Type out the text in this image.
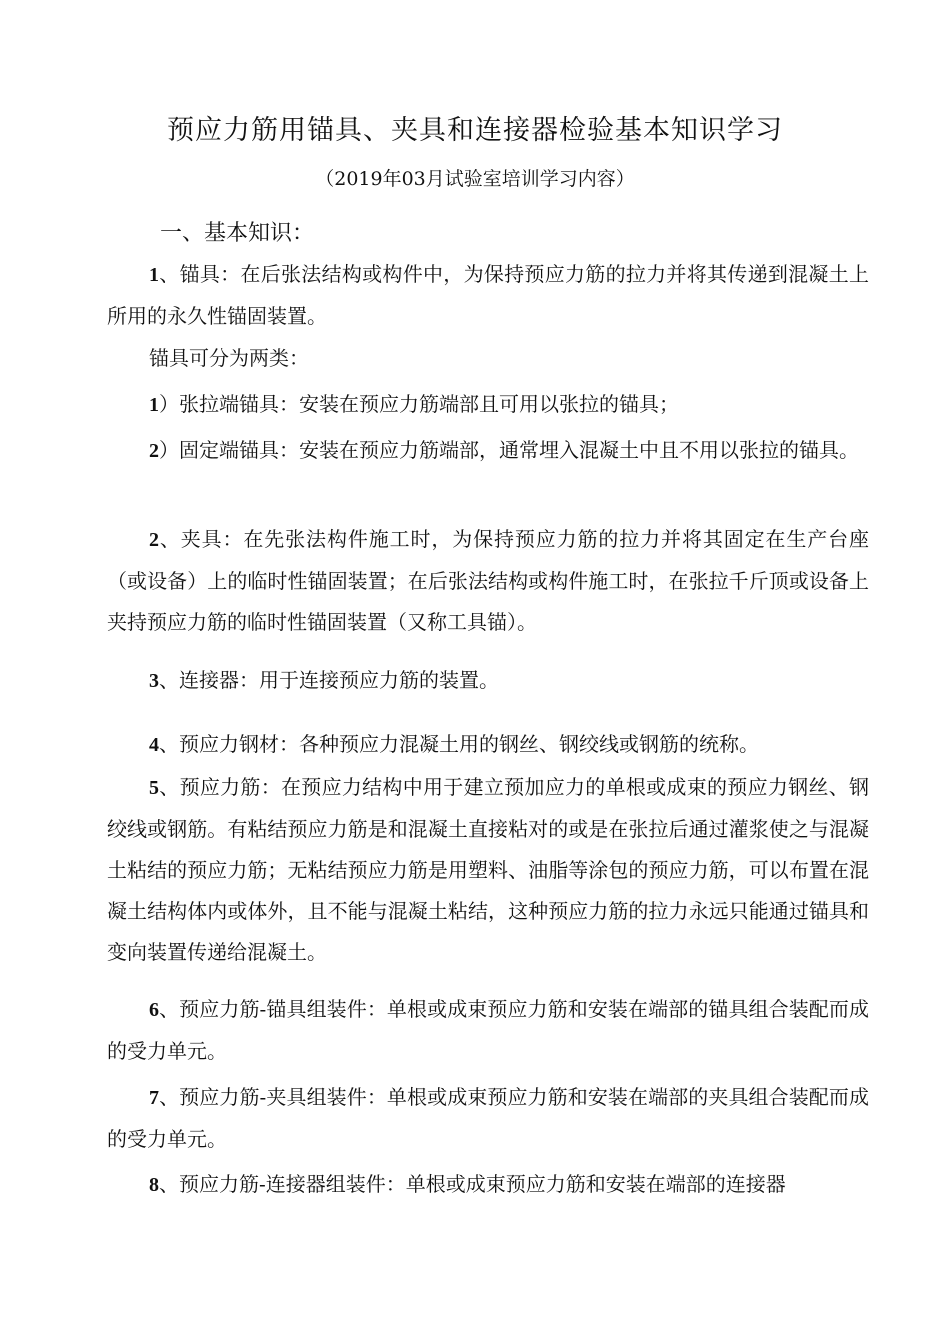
预应力筋用锚具、夹具和连接器检验基本知识学习
（2019年03月试验室培训学习内容）
一、基本知识：

1、锚具：在后张法结构或构件中，为保持预应力筋的拉力并将其传递到混凝土上所用的永久性锚固装置。

锚具可分为两类：

1）张拉端锚具：安装在预应力筋端部且可用以张拉的锚具；

2）固定端锚具：安装在预应力筋端部，通常埋入混凝土中且不用以张拉的锚具。

2、夹具：在先张法构件施工时，为保持预应力筋的拉力并将其固定在生产台座（或设备）上的临时性锚固装置；在后张法结构或构件施工时，在张拉千斤顶或设备上夹持预应力筋的临时性锚固装置（又称工具锚）。

3、连接器：用于连接预应力筋的装置。

4、预应力钢材：各种预应力混凝土用的钢丝、钢绞线或钢筋的统称。

5、预应力筋：在预应力结构中用于建立预加应力的单根或成束的预应力钢丝、钢绞线或钢筋。有粘结预应力筋是和混凝土直接粘对的或是在张拉后通过灌浆使之与混凝土粘结的预应力筋；无粘结预应力筋是用塑料、油脂等涂包的预应力筋，可以布置在混凝土结构体内或体外，且不能与混凝土粘结，这种预应力筋的拉力永远只能通过锚具和变向装置传递给混凝土。

6、预应力筋-锚具组装件：单根或成束预应力筋和安装在端部的锚具组合装配而成的受力单元。

7、预应力筋-夹具组装件：单根或成束预应力筋和安装在端部的夹具组合装配而成的受力单元。

8、预应力筋-连接器组装件：单根或成束预应力筋和安装在端部的连接器
